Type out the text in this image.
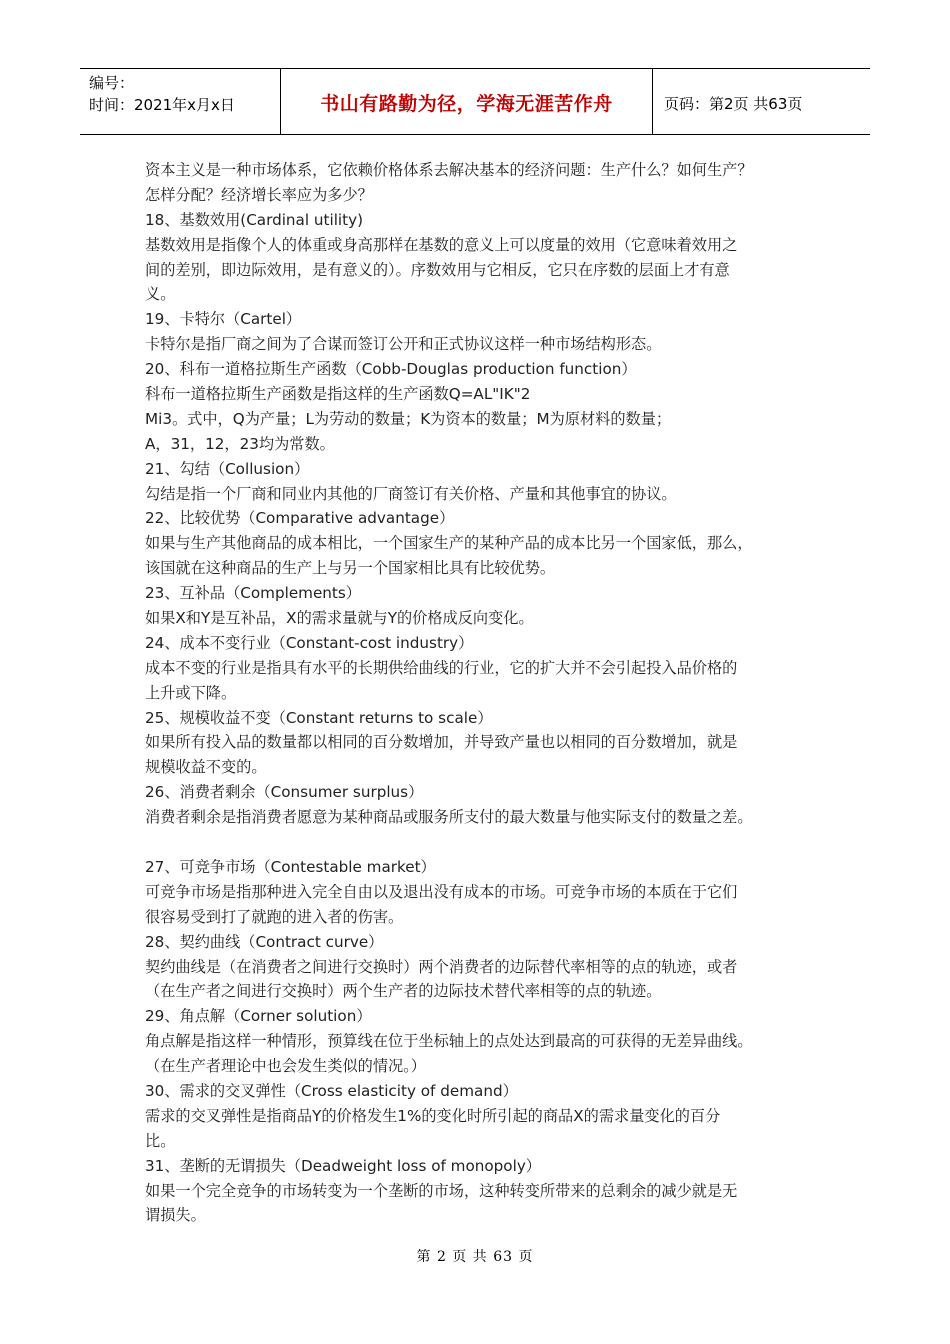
编号：
时间：2021年x月x日	书山有路勤为径，学海无涯苦作舟	页码：第2页 共63页
资本主义是一种市场体系，它依赖价格体系去解决基本的经济问题：生产什么？如何生产？
怎样分配？经济增长率应为多少？
18、基数效用(Cardinal utility)
基数效用是指像个人的体重或身高那样在基数的意义上可以度量的效用（它意味着效用之
间的差别，即边际效用，是有意义的）。序数效用与它相反，它只在序数的层面上才有意
义。
19、卡特尔（Cartel）
卡特尔是指厂商之间为了合谋而签订公开和正式协议这样一种市场结构形态。
20、科布一道格拉斯生产函数（Cobb-Douglas production function）
科布一道格拉斯生产函数是指这样的生产函数Q=AL"IK"2
Mi3。式中，Q为产量；L为劳动的数量；K为资本的数量；M为原材料的数量；
A，31，12，23均为常数。
21、勾结（Collusion）
勾结是指一个厂商和同业内其他的厂商签订有关价格、产量和其他事宜的协议。
22、比较优势（Comparative advantage）
如果与生产其他商品的成本相比，一个国家生产的某种产品的成本比另一个国家低，那么，
该国就在这种商品的生产上与另一个国家相比具有比较优势。
23、互补品（Complements）
如果X和Y是互补品，X的需求量就与Y的价格成反向变化。
24、成本不变行业（Constant-cost industry）
成本不变的行业是指具有水平的长期供给曲线的行业，它的扩大并不会引起投入品价格的
上升或下降。
25、规模收益不变（Constant returns to scale）
如果所有投入品的数量都以相同的百分数增加，并导致产量也以相同的百分数增加，就是
规模收益不变的。
26、消费者剩余（Consumer surplus）
消费者剩余是指消费者愿意为某种商品或服务所支付的最大数量与他实际支付的数量之差。
27、可竞争市场（Contestable market）
可竞争市场是指那种进入完全自由以及退出没有成本的市场。可竞争市场的本质在于它们
很容易受到打了就跑的进入者的伤害。
28、契约曲线（Contract curve）
契约曲线是（在消费者之间进行交换时）两个消费者的边际替代率相等的点的轨迹，或者
（在生产者之间进行交换时）两个生产者的边际技术替代率相等的点的轨迹。
29、角点解（Corner solution）
角点解是指这样一种情形，预算线在位于坐标轴上的点处达到最高的可获得的无差异曲线。
（在生产者理论中也会发生类似的情况。）
30、需求的交叉弹性（Cross elasticity of demand）
需求的交叉弹性是指商品Y的价格发生1%的变化时所引起的商品X的需求量变化的百分
比。
31、垄断的无谓损失（Deadweight loss of monopoly）
如果一个完全竞争的市场转变为一个垄断的市场，这种转变所带来的总剩余的减少就是无
谓损失。
第 2 页 共 63 页
